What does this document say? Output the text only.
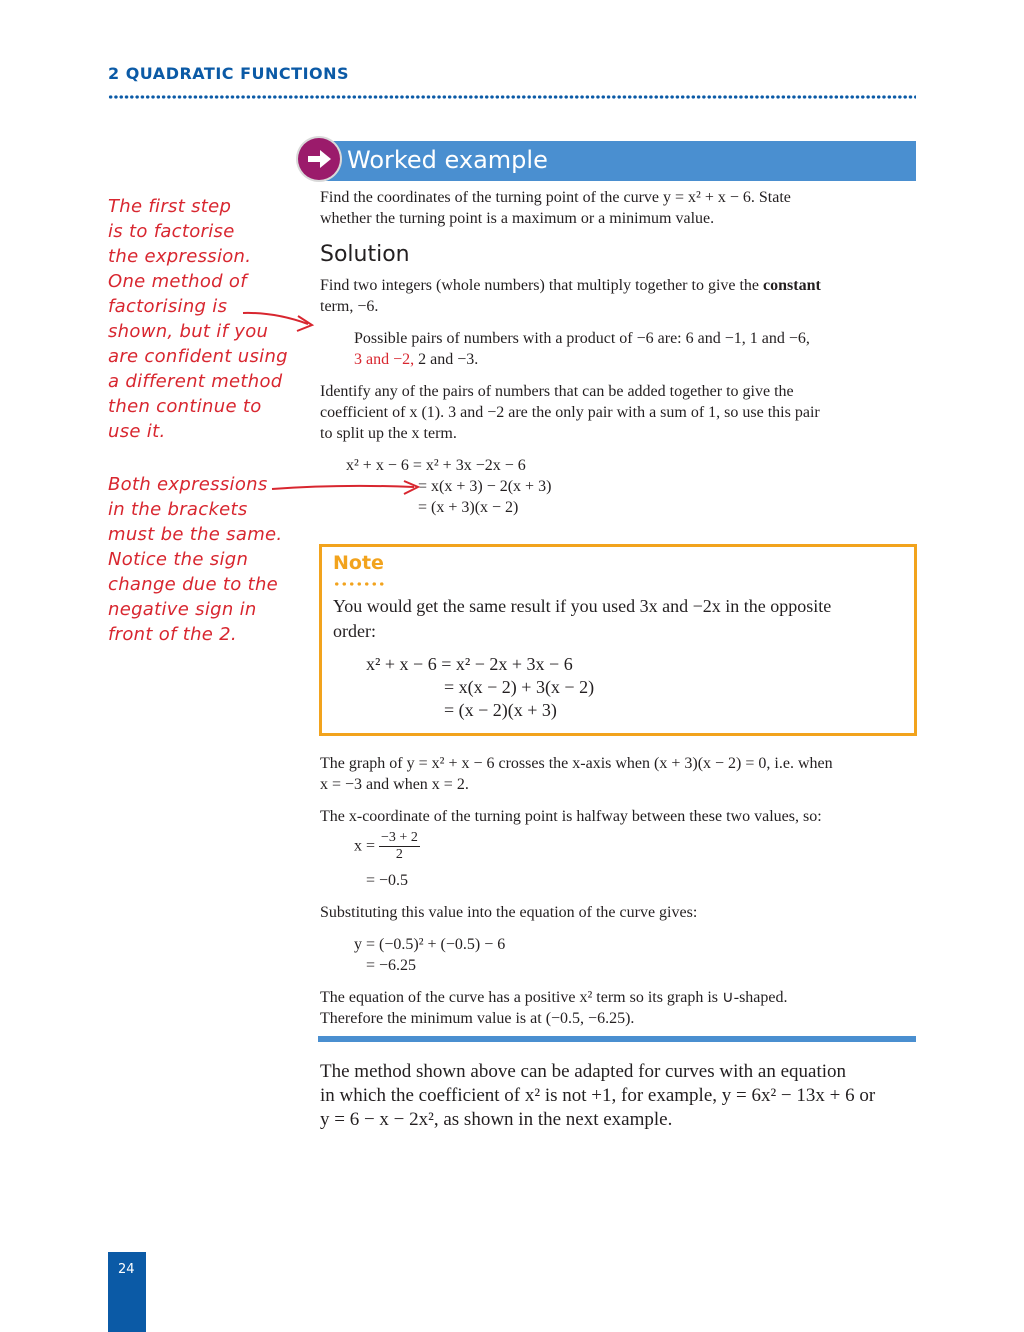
2 QUADRATIC FUNCTIONS
Worked example
Find the coordinates of the turning point of the curve y = x² + x − 6. State
whether the turning point is a maximum or a minimum value.
Solution
Find two integers (whole numbers) that multiply together to give the constant
term, −6.
Possible pairs of numbers with a product of −6 are: 6 and −1, 1 and −6,
3 and −2, 2 and −3.
Identify any of the pairs of numbers that can be added together to give the
coefficient of x (1). 3 and −2 are the only pair with a sum of 1, so use this pair
to split up the x term.
x² + x − 6 = x² + 3x −2x − 6
= x(x + 3) − 2(x + 3)
= (x + 3)(x − 2)
Note
You would get the same result if you used 3x and −2x in the opposite
order:
x² + x − 6 = x² − 2x + 3x − 6
= x(x − 2) + 3(x − 2)
= (x − 2)(x + 3)
The graph of y = x² + x − 6 crosses the x-axis when (x + 3)(x − 2) = 0, i.e. when
x = −3 and when x = 2.
The x-coordinate of the turning point is halfway between these two values, so:
$x = \frac{-3 + 2}{2}$
= −0.5
Substituting this value into the equation of the curve gives:
y = (−0.5)² + (−0.5) − 6
= −6.25
The equation of the curve has a positive x² term so its graph is ∪-shaped.
Therefore the minimum value is at (−0.5, −6.25).
The method shown above can be adapted for curves with an equation
in which the coefficient of x² is not +1, for example, y = 6x² − 13x + 6 or
y = 6 − x − 2x², as shown in the next example.
The first step
is to factorise
the expression.
One method of
factorising is
shown, but if you
are confident using
a different method
then continue to
use it.
Both expressions
in the brackets
must be the same.
Notice the sign
change due to the
negative sign in
front of the 2.
24
